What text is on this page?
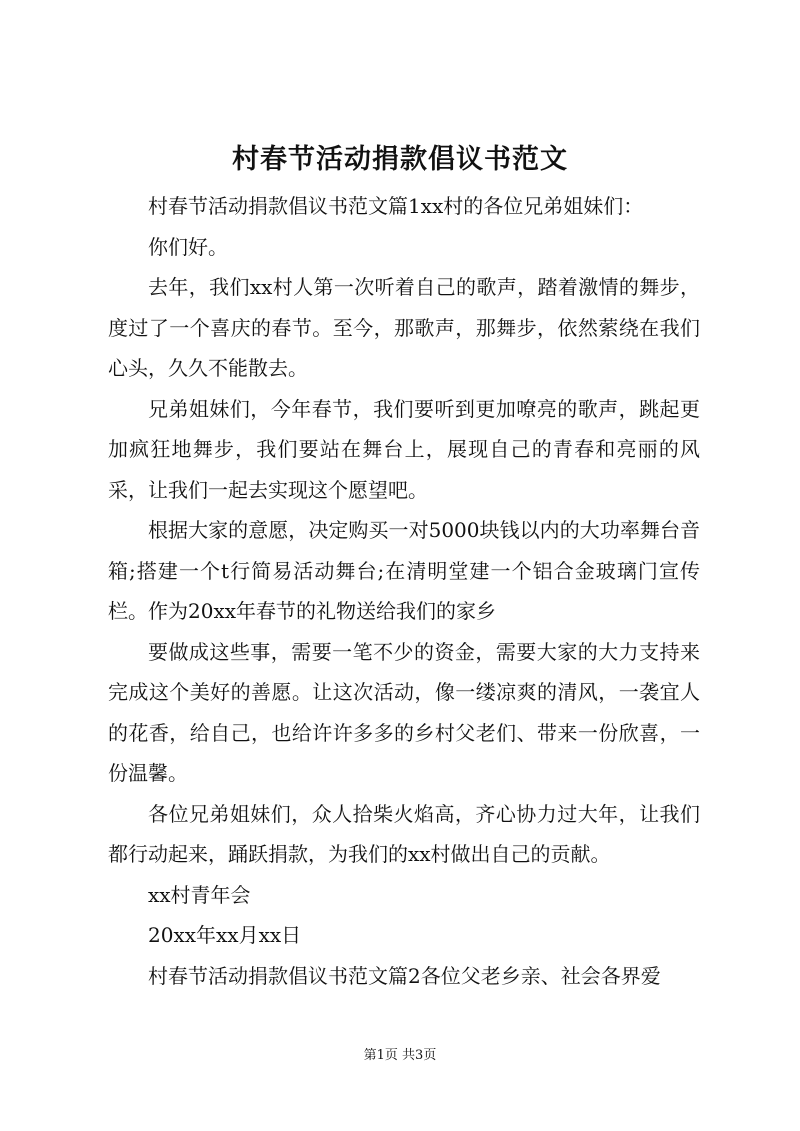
村春节活动捐款倡议书范文

村春节活动捐款倡议书范文篇1xx村的各位兄弟姐妹们：

你们好。

去年，我们xx村人第一次听着自己的歌声，踏着激情的舞步，度过了一个喜庆的春节。至今，那歌声，那舞步，依然萦绕在我们心头，久久不能散去。

兄弟姐妹们，今年春节，我们要听到更加嘹亮的歌声，跳起更加疯狂地舞步，我们要站在舞台上，展现自己的青春和亮丽的风采，让我们一起去实现这个愿望吧。

根据大家的意愿，决定购买一对5000块钱以内的大功率舞台音箱;搭建一个t行简易活动舞台;在清明堂建一个铝合金玻璃门宣传栏。作为20xx年春节的礼物送给我们的家乡

要做成这些事，需要一笔不少的资金，需要大家的大力支持来完成这个美好的善愿。让这次活动，像一缕凉爽的清风，一袭宜人的花香，给自己，也给许许多多的乡村父老们、带来一份欣喜，一份温馨。

各位兄弟姐妹们，众人拾柴火焰高，齐心协力过大年，让我们都行动起来，踊跃捐款，为我们的xx村做出自己的贡献。

xx村青年会

20xx年xx月xx日

村春节活动捐款倡议书范文篇2各位父老乡亲、社会各界爱

第1页 共3页
